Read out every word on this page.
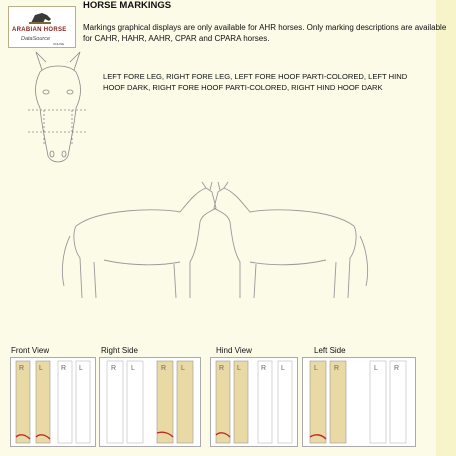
ARABIAN HORSE
DataSource
ONLINE
HORSE MARKINGS
Markings graphical displays are only available for AHR horses. Only marking descriptions are available for CAHR, HAHR, AAHR, CPAR and CPARA horses.
LEFT FORE LEG, RIGHT FORE LEG, LEFT FORE HOOF PARTI-COLORED, LEFT HIND HOOF DARK, RIGHT FORE HOOF PARTI-COLORED, RIGHT HIND HOOF DARK
Front View	Right Side	Hind View	Left Side
R L	R L	R L	R L	R L	R L	L R	L R
